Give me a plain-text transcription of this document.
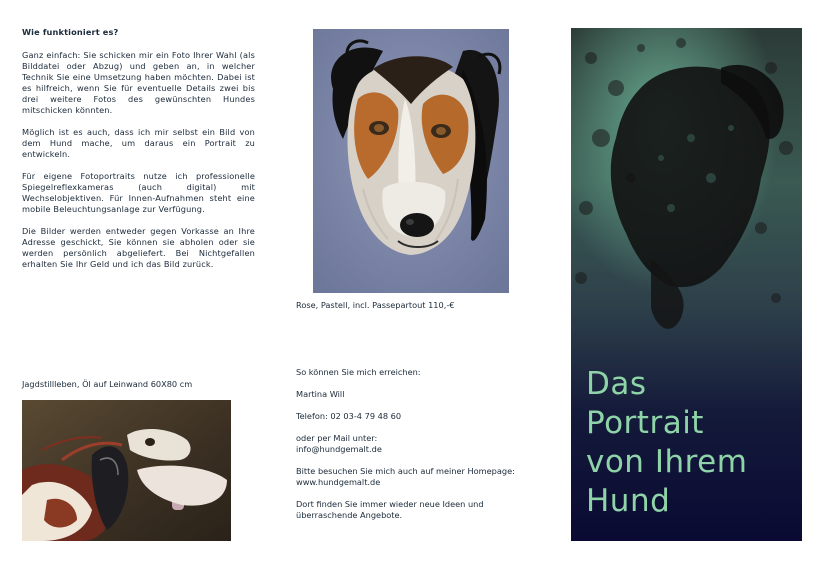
Wie funktioniert es?

Ganz einfach: Sie schicken mir ein Foto Ihrer Wahl (als Bilddatei oder Abzug) und geben an, in welcher Technik Sie eine Umsetzung haben möchten. Dabei ist es hilfreich, wenn Sie für eventuelle Details zwei bis drei weitere Fotos des gewünschten Hundes mitschicken könnten.

Möglich ist es auch, dass ich mir selbst ein Bild von dem Hund mache, um daraus ein Portrait zu entwickeln.

Für eigene Fotoportraits nutze ich professionelle Spiegelreflexkameras (auch digital) mit Wechselobjektiven. Für Innen-Aufnahmen steht eine mobile Beleuchtungsanlage zur Verfügung.

Die Bilder werden entweder gegen Vorkasse an Ihre Adresse geschickt, Sie können sie abholen oder sie werden persönlich abgeliefert. Bei Nichtgefallen erhalten Sie Ihr Geld und ich das Bild zurück.

Rose, Pastell, incl. Passepartout 110,-€
Jagdstillleben, Öl auf Leinwand 60X80 cm

So können Sie mich erreichen:

Martina Will

Telefon: 02 03-4 79 48 60

oder per Mail unter:
info@hundgemalt.de

Bitte besuchen Sie mich auch auf meiner Homepage:
www.hundgemalt.de

Dort finden Sie immer wieder neue Ideen und überraschende Angebote.

Das
Portrait
von Ihrem
Hund
